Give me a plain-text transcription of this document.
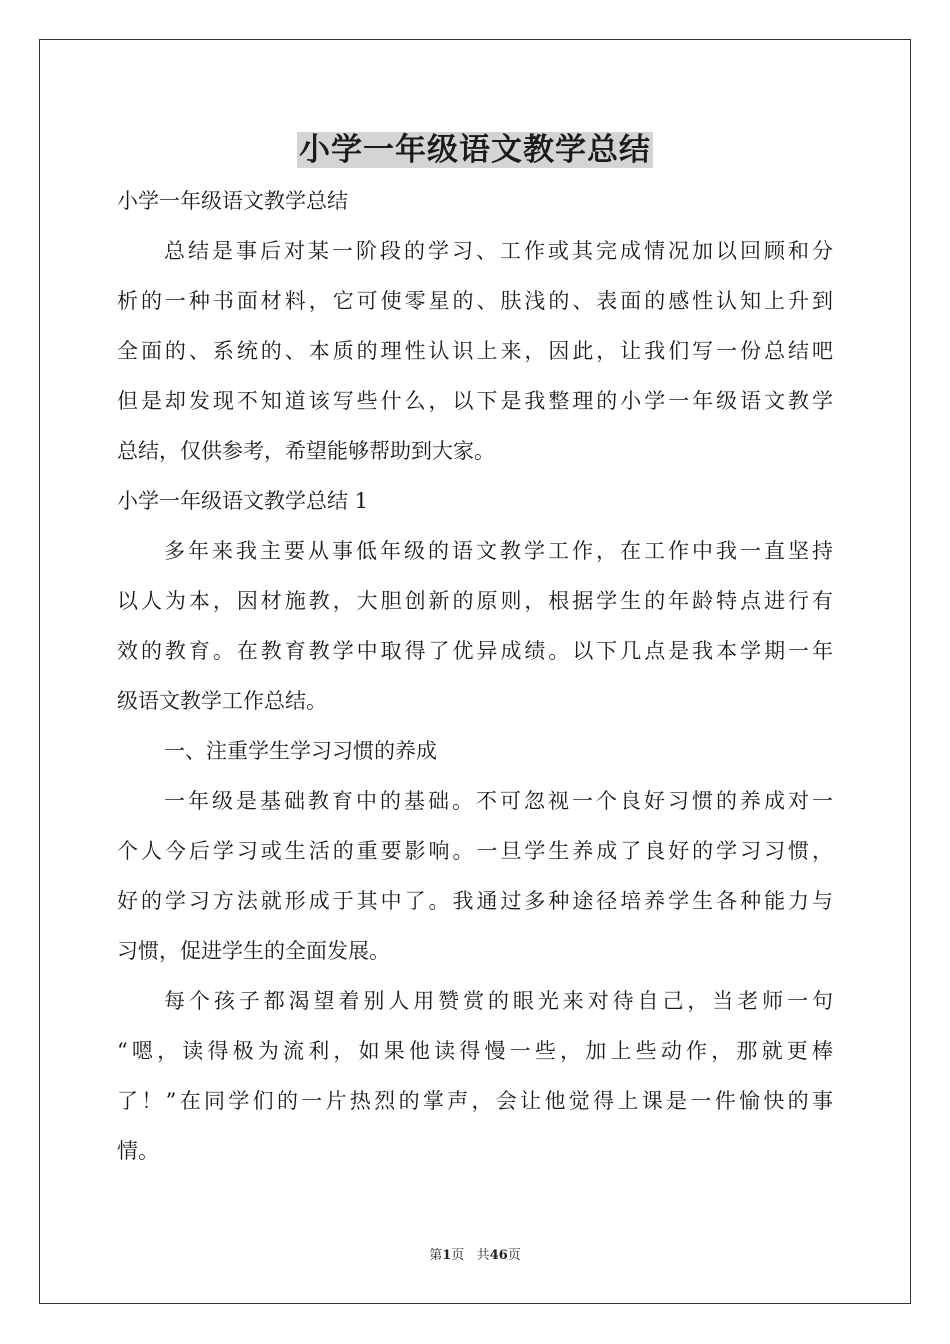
小学一年级语文教学总结

小学一年级语文教学总结

总结是事后对某一阶段的学习、工作或其完成情况加以回顾和分

析的一种书面材料，它可使零星的、肤浅的、表面的感性认知上升到

全面的、系统的、本质的理性认识上来，因此，让我们写一份总结吧

但是却发现不知道该写些什么，以下是我整理的小学一年级语文教学

总结，仅供参考，希望能够帮助到大家。

小学一年级语文教学总结 1

多年来我主要从事低年级的语文教学工作，在工作中我一直坚持

以人为本，因材施教，大胆创新的原则，根据学生的年龄特点进行有

效的教育。在教育教学中取得了优异成绩。以下几点是我本学期一年

级语文教学工作总结。

一、注重学生学习习惯的养成

一年级是基础教育中的基础。不可忽视一个良好习惯的养成对一

个人今后学习或生活的重要影响。一旦学生养成了良好的学习习惯，

好的学习方法就形成于其中了。我通过多种途径培养学生各种能力与

习惯，促进学生的全面发展。

每个孩子都渴望着别人用赞赏的眼光来对待自己，当老师一句

“嗯，读得极为流利，如果他读得慢一些，加上些动作，那就更棒

了！”在同学们的一片热烈的掌声，会让他觉得上课是一件愉快的事

情。

第1页 共46页
